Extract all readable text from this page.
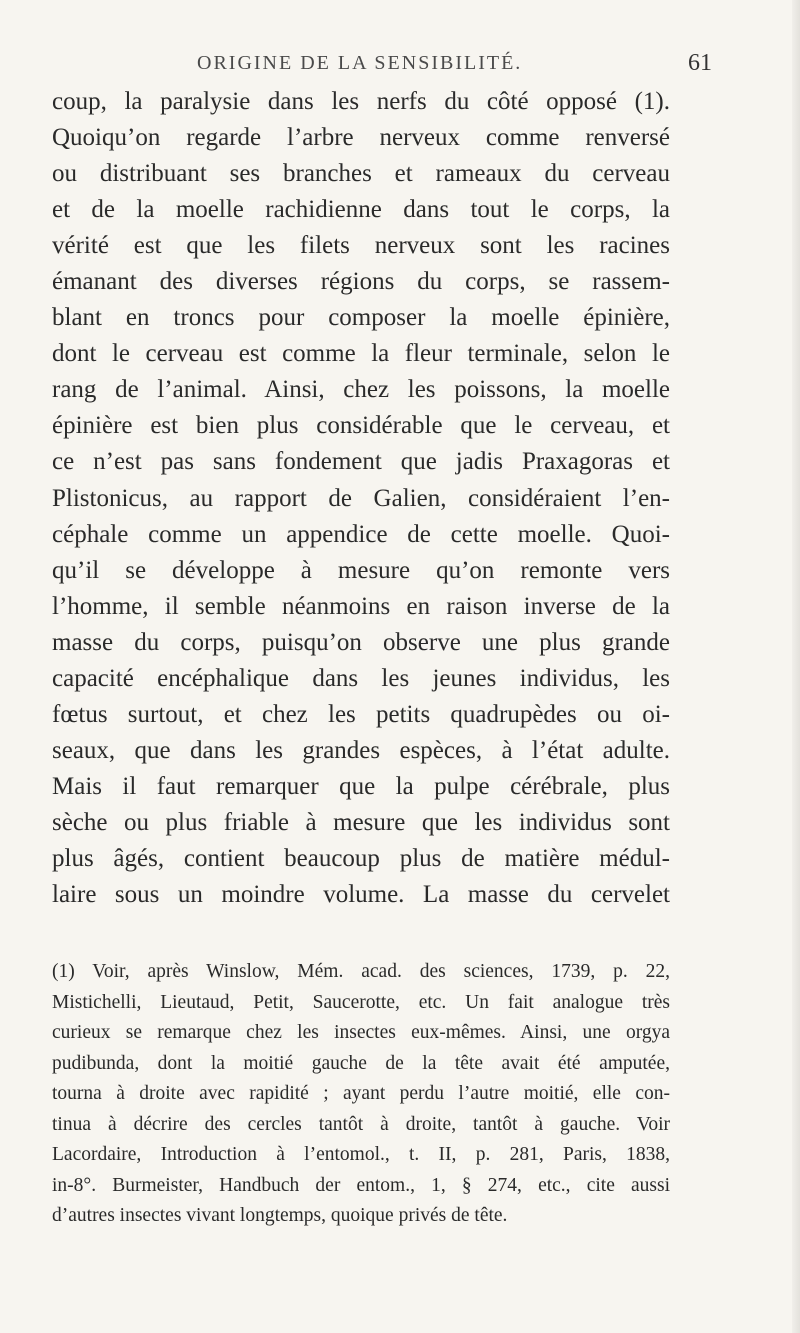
ORIGINE DE LA SENSIBILITÉ.	61
coup, la paralysie dans les nerfs du côté opposé (1).
Quoiqu’on regarde l’arbre nerveux comme renversé
ou distribuant ses branches et rameaux du cerveau
et de la moelle rachidienne dans tout le corps, la
vérité est que les filets nerveux sont les racines
émanant des diverses régions du corps, se rassem-
blant en troncs pour composer la moelle épinière,
dont le cerveau est comme la fleur terminale, selon le
rang de l’animal. Ainsi, chez les poissons, la moelle
épinière est bien plus considérable que le cerveau, et
ce n’est pas sans fondement que jadis Praxagoras et
Plistonicus, au rapport de Galien, considéraient l’en-
céphale comme un appendice de cette moelle. Quoi-
qu’il se développe à mesure qu’on remonte vers
l’homme, il semble néanmoins en raison inverse de la
masse du corps, puisqu’on observe une plus grande
capacité encéphalique dans les jeunes individus, les
fœtus surtout, et chez les petits quadrupèdes ou oi-
seaux, que dans les grandes espèces, à l’état adulte.
Mais il faut remarquer que la pulpe cérébrale, plus
sèche ou plus friable à mesure que les individus sont
plus âgés, contient beaucoup plus de matière médul-
laire sous un moindre volume. La masse du cervelet
(1) Voir, après Winslow, Mém. acad. des sciences, 1739, p. 22,
Mistichelli, Lieutaud, Petit, Saucerotte, etc. Un fait analogue très
curieux se remarque chez les insectes eux-mêmes. Ainsi, une orgya
pudibunda, dont la moitié gauche de la tête avait été amputée,
tourna à droite avec rapidité ; ayant perdu l’autre moitié, elle con-
tinua à décrire des cercles tantôt à droite, tantôt à gauche. Voir
Lacordaire, Introduction à l’entomol., t. II, p. 281, Paris, 1838,
in-8°. Burmeister, Handbuch der entom., 1, § 274, etc., cite aussi
d’autres insectes vivant longtemps, quoique privés de tête.
